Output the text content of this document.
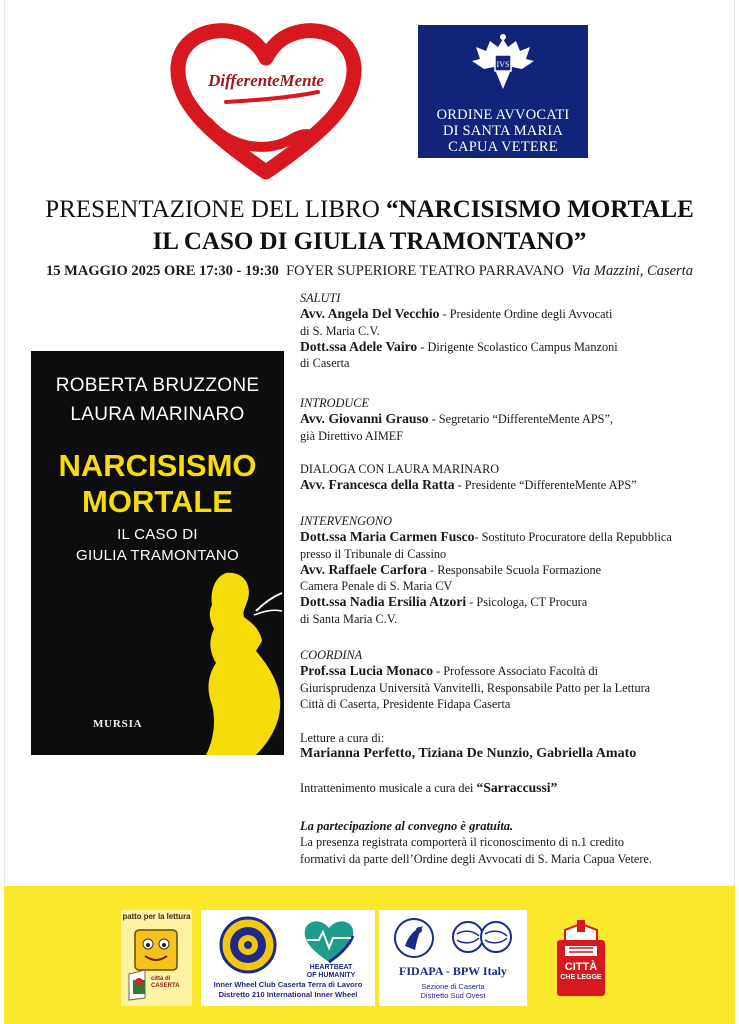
DifferenteMente
IVS
ORDINE AVVOCATI
DI SANTA MARIA
CAPUA VETERE
PRESENTAZIONE DEL LIBRO “NARCISISMO MORTALE
IL CASO DI GIULIA TRAMONTANO”
15 MAGGIO 2025 ORE 17:30 - 19:30 FOYER SUPERIORE TEATRO PARRAVANO Via Mazzini, Caserta
ROBERTA BRUZZONE
LAURA MARINARO
NARCISISMO
MORTALE
IL CASO DI
GIULIA TRAMONTANO
MURSIA
SALUTI
Avv. Angela Del Vecchio - Presidente Ordine degli Avvocati
di S. Maria C.V.
Dott.ssa Adele Vairo - Dirigente Scolastico Campus Manzoni
di Caserta
INTRODUCE
Avv. Giovanni Grauso - Segretario “DifferenteMente APS”,
già Direttivo AIMEF
DIALOGA CON LAURA MARINARO
Avv. Francesca della Ratta - Presidente “DifferenteMente APS”
INTERVENGONO
Dott.ssa Maria Carmen Fusco- Sostituto Procuratore della Repubblica
presso il Tribunale di Cassino
Avv. Raffaele Carfora - Responsabile Scuola Formazione
Camera Penale di S. Maria CV
Dott.ssa Nadia Ersilia Atzori - Psicologa, CT Procura
di Santa Maria C.V.
COORDINA
Prof.ssa Lucia Monaco - Professore Associato Facoltà di
Giurisprudenza Università Vanvitelli, Responsabile Patto per la Lettura
Città di Caserta, Presidente Fidapa Caserta
Letture a cura di:
Marianna Perfetto, Tiziana De Nunzio, Gabriella Amato
Intrattenimento musicale a cura dei “Sarraccussi”
La partecipazione al convegno è gratuita.
La presenza registrata comporterà il riconoscimento di n.1 credito
formativi da parte dell’Ordine degli Avvocati di S. Maria Capua Vetere.
patto per la lettura
città di
CASERTA
HEARTBEAT
OF HUMANITY
Inner Wheel Club Caserta Terra di Lavoro
Distretto 210 International Inner Wheel
FIDAPA - BPW Italy
Sezione di Caserta
Distretto Sud Ovest
CITTÀ
CHE LEGGE
